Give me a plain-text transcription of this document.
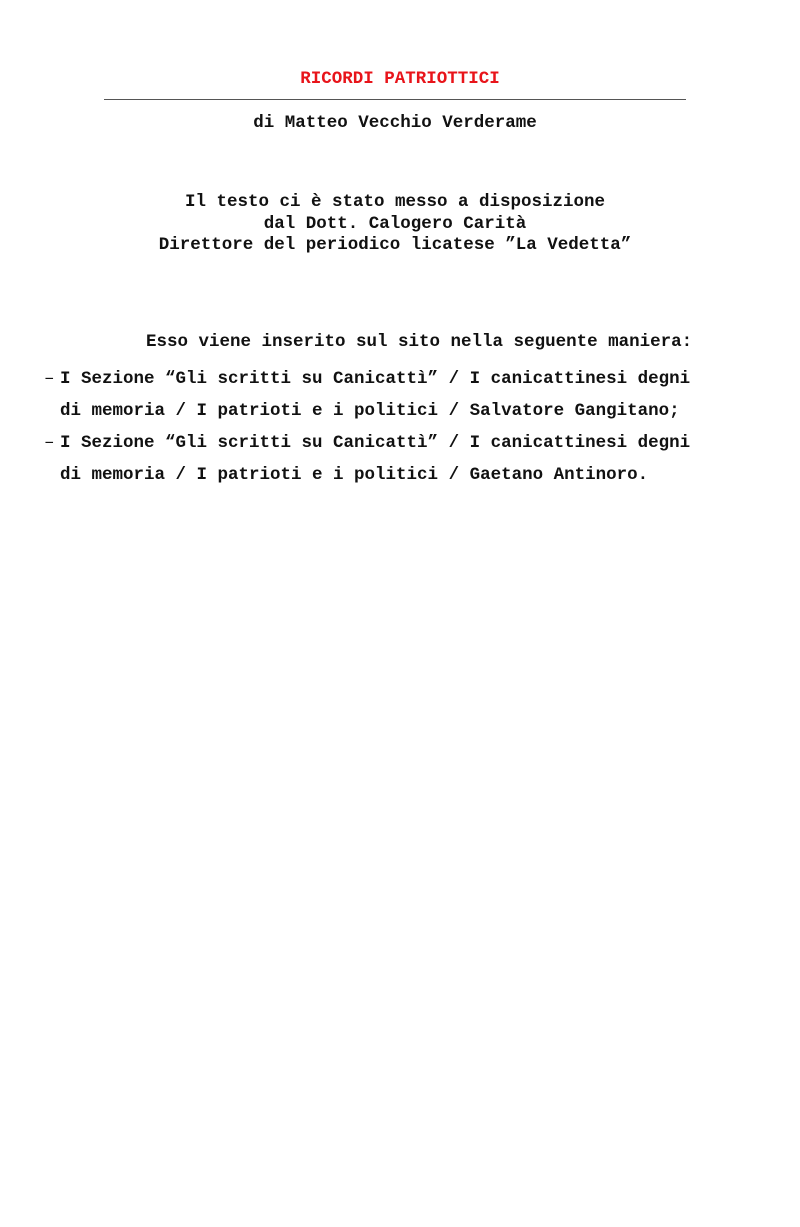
RICORDI PATRIOTTICI
di Matteo Vecchio Verderame
Il testo ci è stato messo a disposizione
dal Dott. Calogero Carità
Direttore del periodico licatese ”La Vedetta”
Esso viene inserito sul sito nella seguente maniera:
– I Sezione “Gli scritti su Canicattì” / I canicattinesi degni
di memoria / I patrioti e i politici / Salvatore Gangitano;
– I Sezione “Gli scritti su Canicattì” / I canicattinesi degni
di memoria / I patrioti e i politici / Gaetano Antinoro.
